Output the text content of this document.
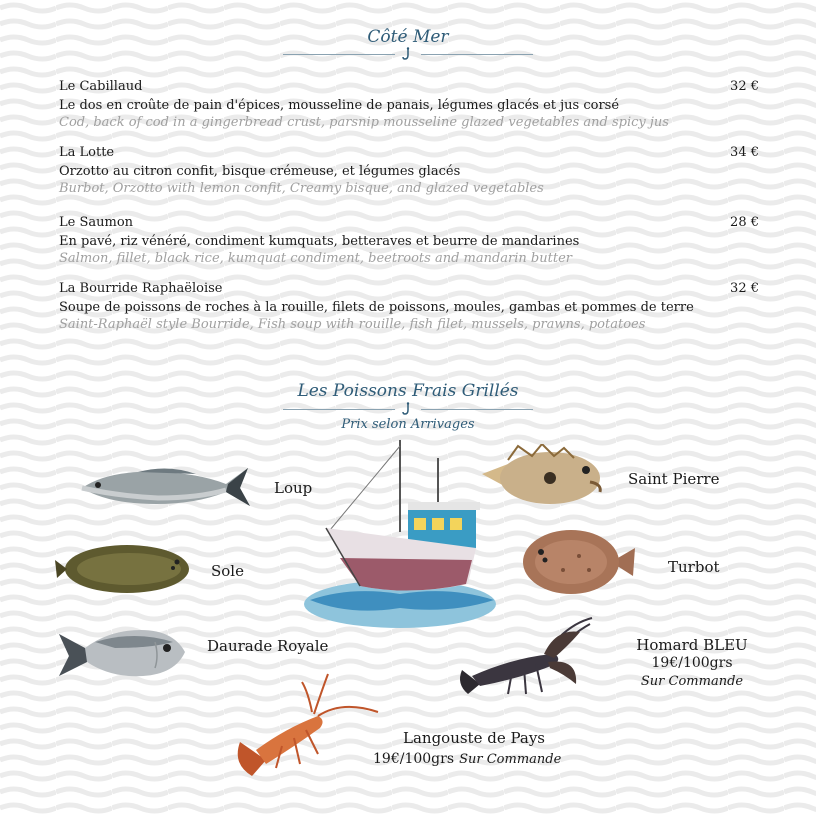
Côté Mer
Le Cabillaud	32 €
Le dos en croûte de pain d'épices, mousseline de panais, légumes glacés et jus corsé
Cod, back of cod in a gingerbread crust, parsnip mousseline glazed vegetables and spicy jus
La Lotte	34 €
Orzotto au citron confit, bisque crémeuse, et légumes glacés
Burbot, Orzotto with lemon confit, Creamy bisque, and glazed vegetables
Le Saumon	28 €
En pavé, riz vénéré, condiment kumquats, betteraves et beurre de mandarines
Salmon, fillet, black rice, kumquat condiment, beetroots and mandarin butter
La Bourride Raphaëloise	32 €
Soupe de poissons de roches à la rouille, filets de poissons, moules, gambas et pommes de terre
Saint-Raphaël style Bourride, Fish soup with rouille, fish filet, mussels, prawns, potatoes
Les Poissons Frais Grillés
Prix selon Arrivages
Loup
Sole
Daurade Royale
Saint Pierre
Turbot
Homard BLEU
19€/100grs
Sur Commande
Langouste de Pays
19€/100grs Sur Commande
